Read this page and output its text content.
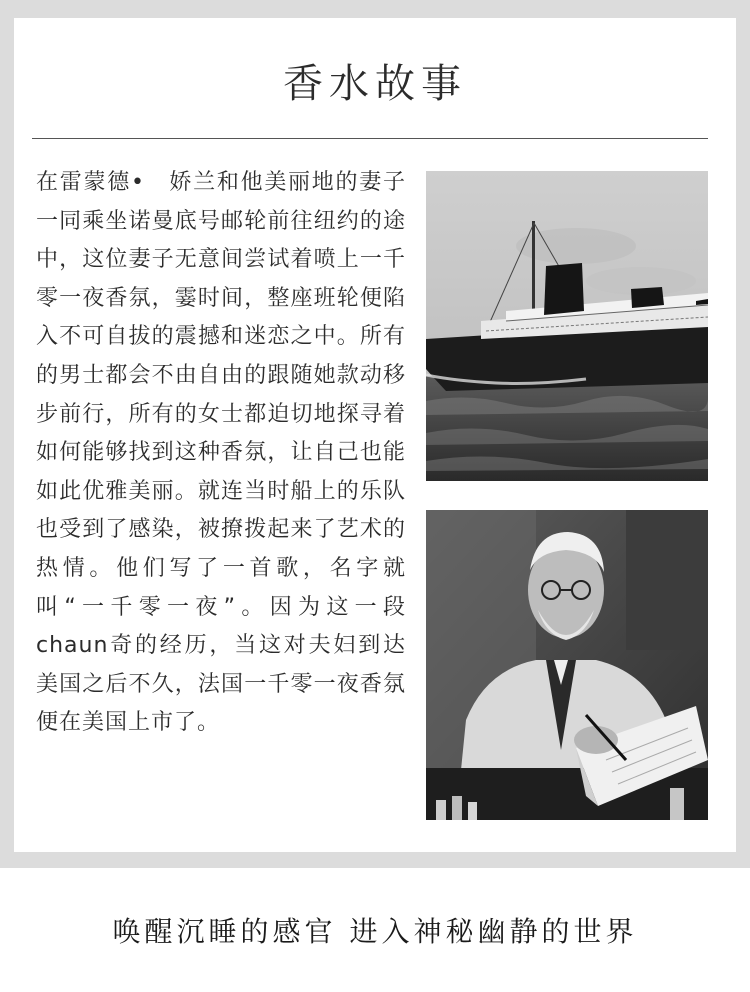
香水故事

在雷蒙德•　娇兰和他美丽地的妻子一同乘坐诺曼底号邮轮前往纽约的途中，这位妻子无意间尝试着喷上一千零一夜香氛，霎时间，整座班轮便陷入不可自拔的震撼和迷恋之中。所有的男士都会不由自由的跟随她款动移步前行，所有的女士都迫切地探寻着如何能够找到这种香氛，让自己也能如此优雅美丽。就连当时船上的乐队也受到了感染，被撩拨起来了艺术的热情。他们写了一首歌，名字就叫“一千零一夜”。因为这一段chaun奇的经历，当这对夫妇到达美国之后不久，法国一千零一夜香氛便在美国上市了。

唤醒沉睡的感官 进入神秘幽静的世界
